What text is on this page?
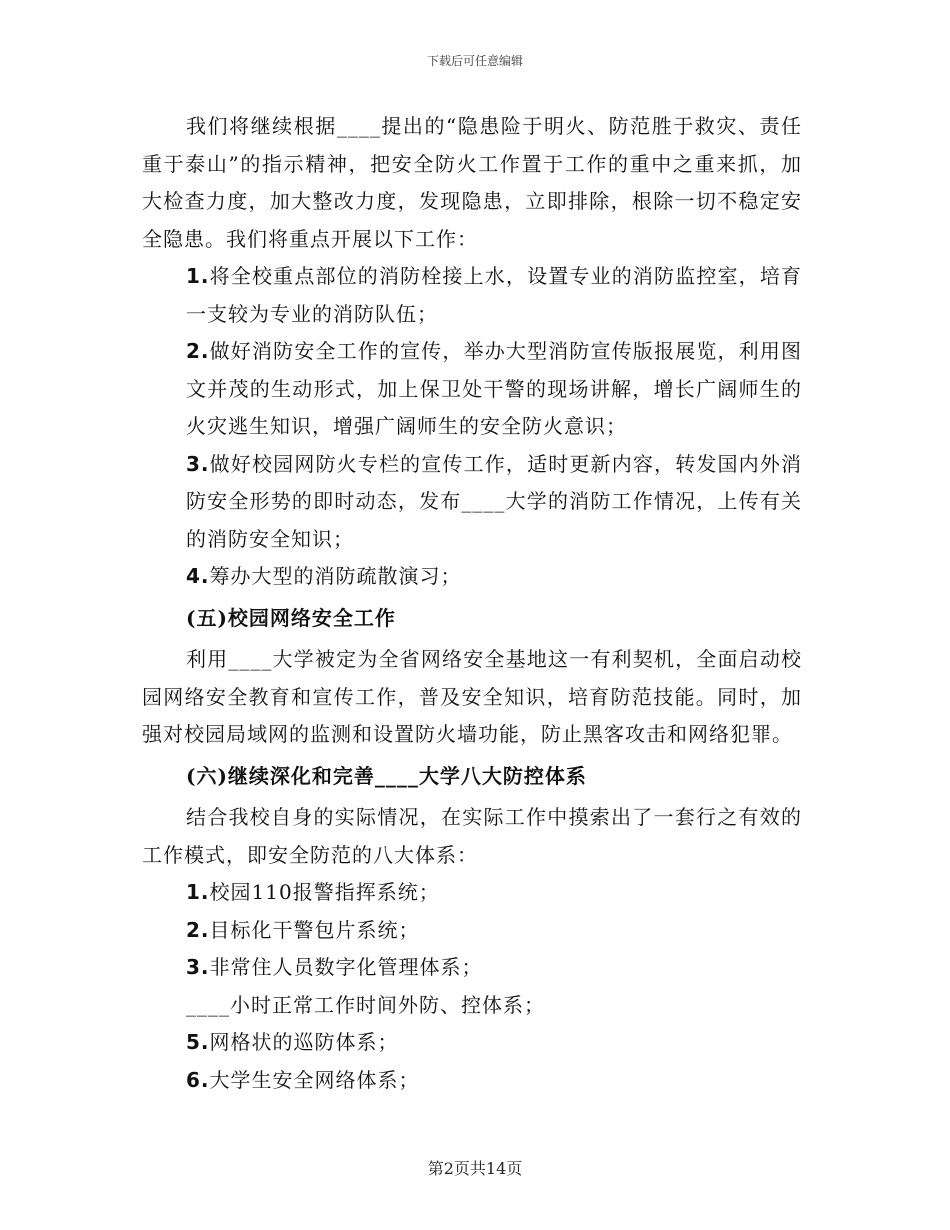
下载后可任意编辑

我们将继续根据____提出的“隐患险于明火、防范胜于救灾、责任重于泰山”的指示精神，把安全防火工作置于工作的重中之重来抓，加大检查力度，加大整改力度，发现隐患，立即排除，根除一切不稳定安全隐患。我们将重点开展以下工作：

1.将全校重点部位的消防栓接上水，设置专业的消防监控室，培育一支较为专业的消防队伍；

2.做好消防安全工作的宣传，举办大型消防宣传版报展览，利用图文并茂的生动形式，加上保卫处干警的现场讲解，增长广阔师生的火灾逃生知识，增强广阔师生的安全防火意识；

3.做好校园网防火专栏的宣传工作，适时更新内容，转发国内外消防安全形势的即时动态，发布____大学的消防工作情况，上传有关的消防安全知识；

4.筹办大型的消防疏散演习；

(五)校园网络安全工作

利用____大学被定为全省网络安全基地这一有利契机，全面启动校园网络安全教育和宣传工作，普及安全知识，培育防范技能。同时，加强对校园局域网的监测和设置防火墙功能，防止黑客攻击和网络犯罪。

(六)继续深化和完善____大学八大防控体系

结合我校自身的实际情况，在实际工作中摸索出了一套行之有效的工作模式，即安全防范的八大体系：

1.校园110报警指挥系统；

2.目标化干警包片系统；

3.非常住人员数字化管理体系；

____小时正常工作时间外防、控体系；

5.网格状的巡防体系；

6.大学生安全网络体系；

第2页共14页
